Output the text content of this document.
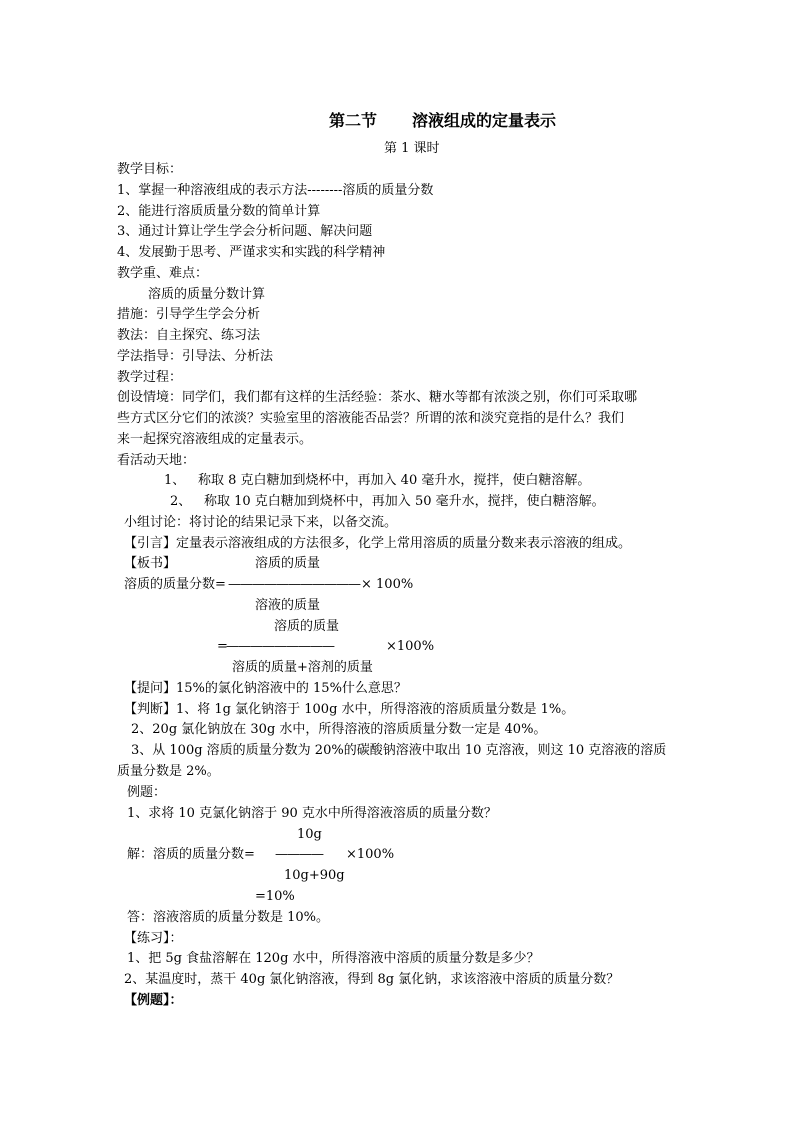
第二节 溶液组成的定量表示
第 1 课时
教学目标：
1、掌握一种溶液组成的表示方法--------溶质的质量分数
2、能进行溶质质量分数的简单计算
3、通过计算让学生学会分析问题、解决问题
4、发展勤于思考、严谨求实和实践的科学精神
教学重、难点：
溶质的质量分数计算
措施：引导学生学会分析
教法：自主探究、练习法
学法指导：引导法、分析法
教学过程：
创设情境：同学们，我们都有这样的生活经验：茶水、糖水等都有浓淡之别，你们可采取哪
些方式区分它们的浓淡？实验室里的溶液能否品尝？所谓的浓和淡究竟指的是什么？我们
来一起探究溶液组成的定量表示。
看活动天地：
1、 称取 8 克白糖加到烧杯中，再加入 40 毫升水，搅拌，使白糖溶解。
2、 称取 10 克白糖加到烧杯中，再加入 50 毫升水，搅拌，使白糖溶解。
小组讨论：将讨论的结果记录下来，以备交流。
【引言】定量表示溶液组成的方法很多，化学上常用溶质的质量分数来表示溶液的组成。
【板书】	溶质的质量
溶质的质量分数= ——————————— × 100%
溶液的质量
溶质的质量
=
—————————	×100%
溶质的质量+溶剂的质量
【提问】15%的氯化钠溶液中的 15%什么意思？
【判断】1、将 1g 氯化钠溶于 100g 水中，所得溶液的溶质质量分数是 1%。
2、20g 氯化钠放在 30g 水中，所得溶液的溶质质量分数一定是 40%。
3、从 100g 溶质的质量分数为 20%的碳酸钠溶液中取出 10 克溶液，则这 10 克溶液的溶质
质量分数是 2%。
例题：
1、求将 10 克氯化钠溶于 90 克水中所得溶液溶质的质量分数？
10g
解：溶质的质量分数= ———— ×100%
10g+90g
=10%
答：溶液溶质的质量分数是 10%。
【练习】：
1、把 5g 食盐溶解在 120g 水中，所得溶液中溶质的质量分数是多少？
2、某温度时，蒸干 40g 氯化钠溶液，得到 8g 氯化钠，求该溶液中溶质的质量分数？
【例题】：
